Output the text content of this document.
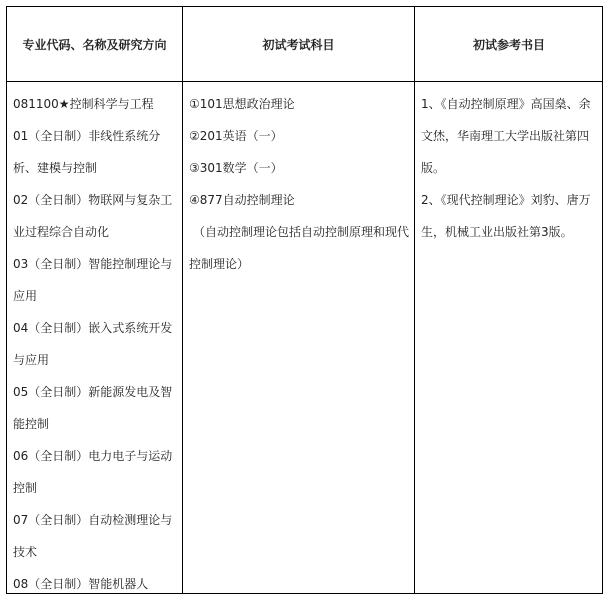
专业代码、名称及研究方向	初试考试科目	初试参考书目
081100★控制科学与工程
01（全日制）非线性系统分
析、建模与控制
02（全日制）物联网与复杂工
业过程综合自动化
03（全日制）智能控制理论与
应用
04（全日制）嵌入式系统开发
与应用
05（全日制）新能源发电及智
能控制
06（全日制）电力电子与运动
控制
07（全日制）自动检测理论与
技术
08（全日制）智能机器人
①101思想政治理论
②201英语（一）
③301数学（一）
④877自动控制理论
（自动控制理论包括自动控制原理和现代
控制理论）
1、《自动控制原理》高国燊、余
文烋，华南理工大学出版社第四
版。
2、《现代控制理论》刘豹、唐万
生，机械工业出版社第3版。
